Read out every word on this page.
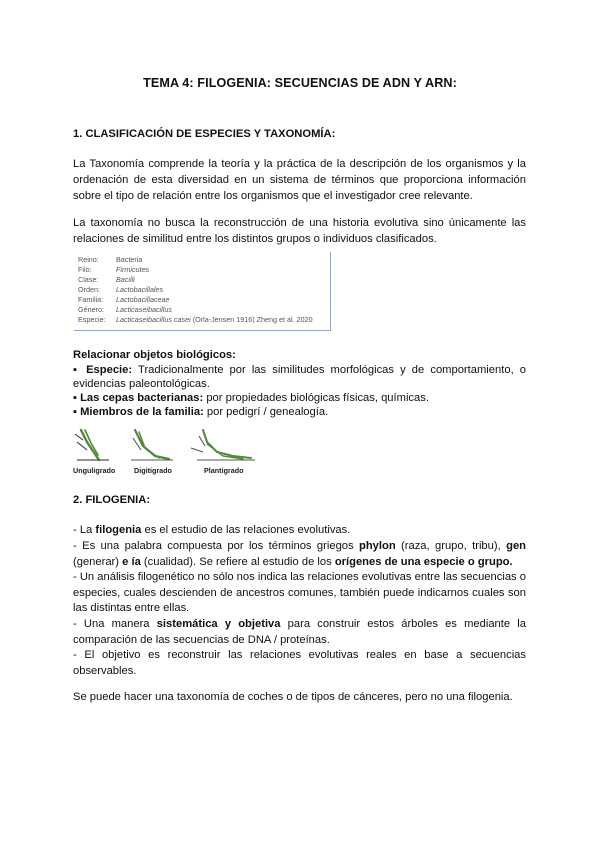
TEMA 4: FILOGENIA: SECUENCIAS DE ADN Y ARN:
1. CLASIFICACIÓN DE ESPECIES Y TAXONOMÍA:
La Taxonomía comprende la teoría y la práctica de la descripción de los organismos y la ordenación de esta diversidad en un sistema de términos que proporciona información sobre el tipo de relación entre los organismos que el investigador cree relevante.
La taxonomía no busca la reconstrucción de una historia evolutiva sino únicamente las relaciones de similitud entre los distintos grupos o individuos clasificados.
Reino: Bacteria
Filo:	Firmicutes
Clase: Bacilli
Orden: Lactobacillales
Familia: Lactobacillaceae
Género: Lacticaseibacillus
Especie: Lacticaseibacillus casei (Orla-Jensen 1916) Zheng et al. 2020
Relacionar objetos biológicos:
▪ Especie: Tradicionalmente por las similitudes morfológicas y de comportamiento, o
evidencias paleontológicas.
▪ Las cepas bacterianas: por propiedades biológicas físicas, químicas.
▪ Miembros de la familia: por pedigrí / genealogía.
Unguligrado	Digitigrado	Plantigrado
2. FILOGENIA:
- La filogenia es el estudio de las relaciones evolutivas.
- Es una palabra compuesta por los términos griegos phylon (raza, grupo, tribu), gen
(generar) e ía (cualidad). Se refiere al estudio de los orígenes de una especie o grupo.
- Un análisis filogenético no sólo nos indica las relaciones evolutivas entre las secuencias o especies, cuales descienden de ancestros comunes, también puede indicarnos cuales son las distintas entre ellas.
- Una manera sistemática y objetiva para construir estos árboles es mediante la comparación de las secuencias de DNA / proteínas.
- El objetivo es reconstruir las relaciones evolutivas reales en base a secuencias observables.
Se puede hacer una taxonomía de coches o de tipos de cánceres, pero no una filogenia.
